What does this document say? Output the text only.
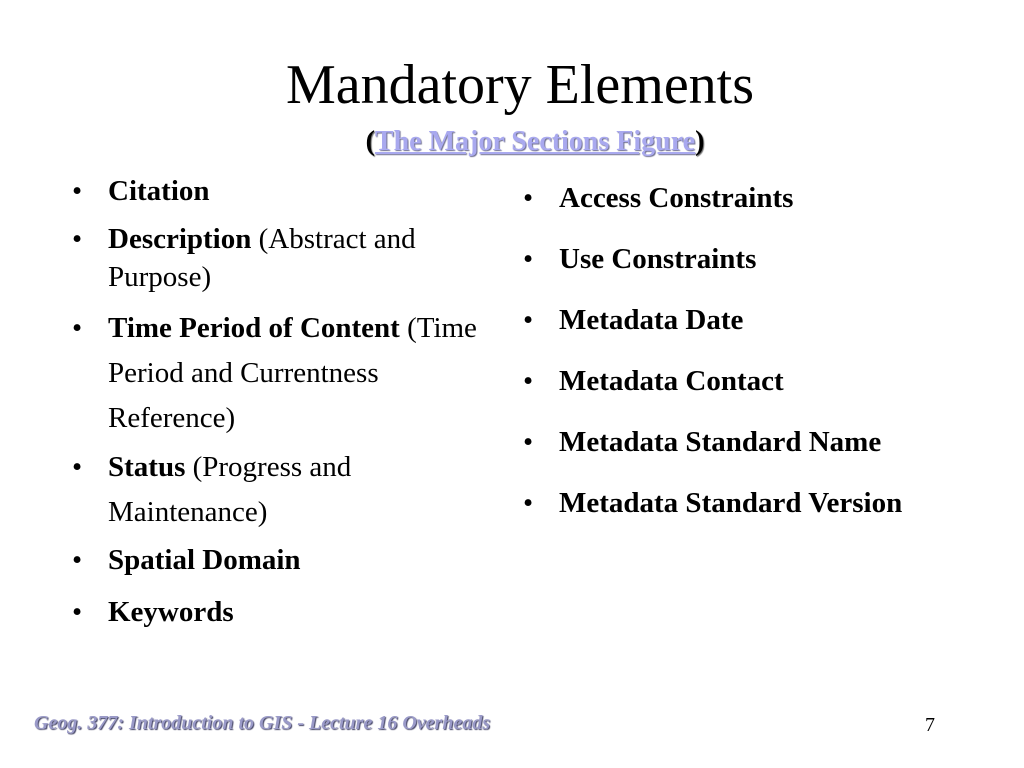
Mandatory Elements
(The Major Sections Figure)
• Citation
• Description (Abstract and Purpose)
• Time Period of Content (Time Period and Currentness Reference)
• Status (Progress and Maintenance)
• Spatial Domain
• Keywords
• Access Constraints
• Use Constraints
• Metadata Date
• Metadata Contact
• Metadata Standard Name
• Metadata Standard Version
Geog. 377: Introduction to GIS - Lecture 16 Overheads	7
